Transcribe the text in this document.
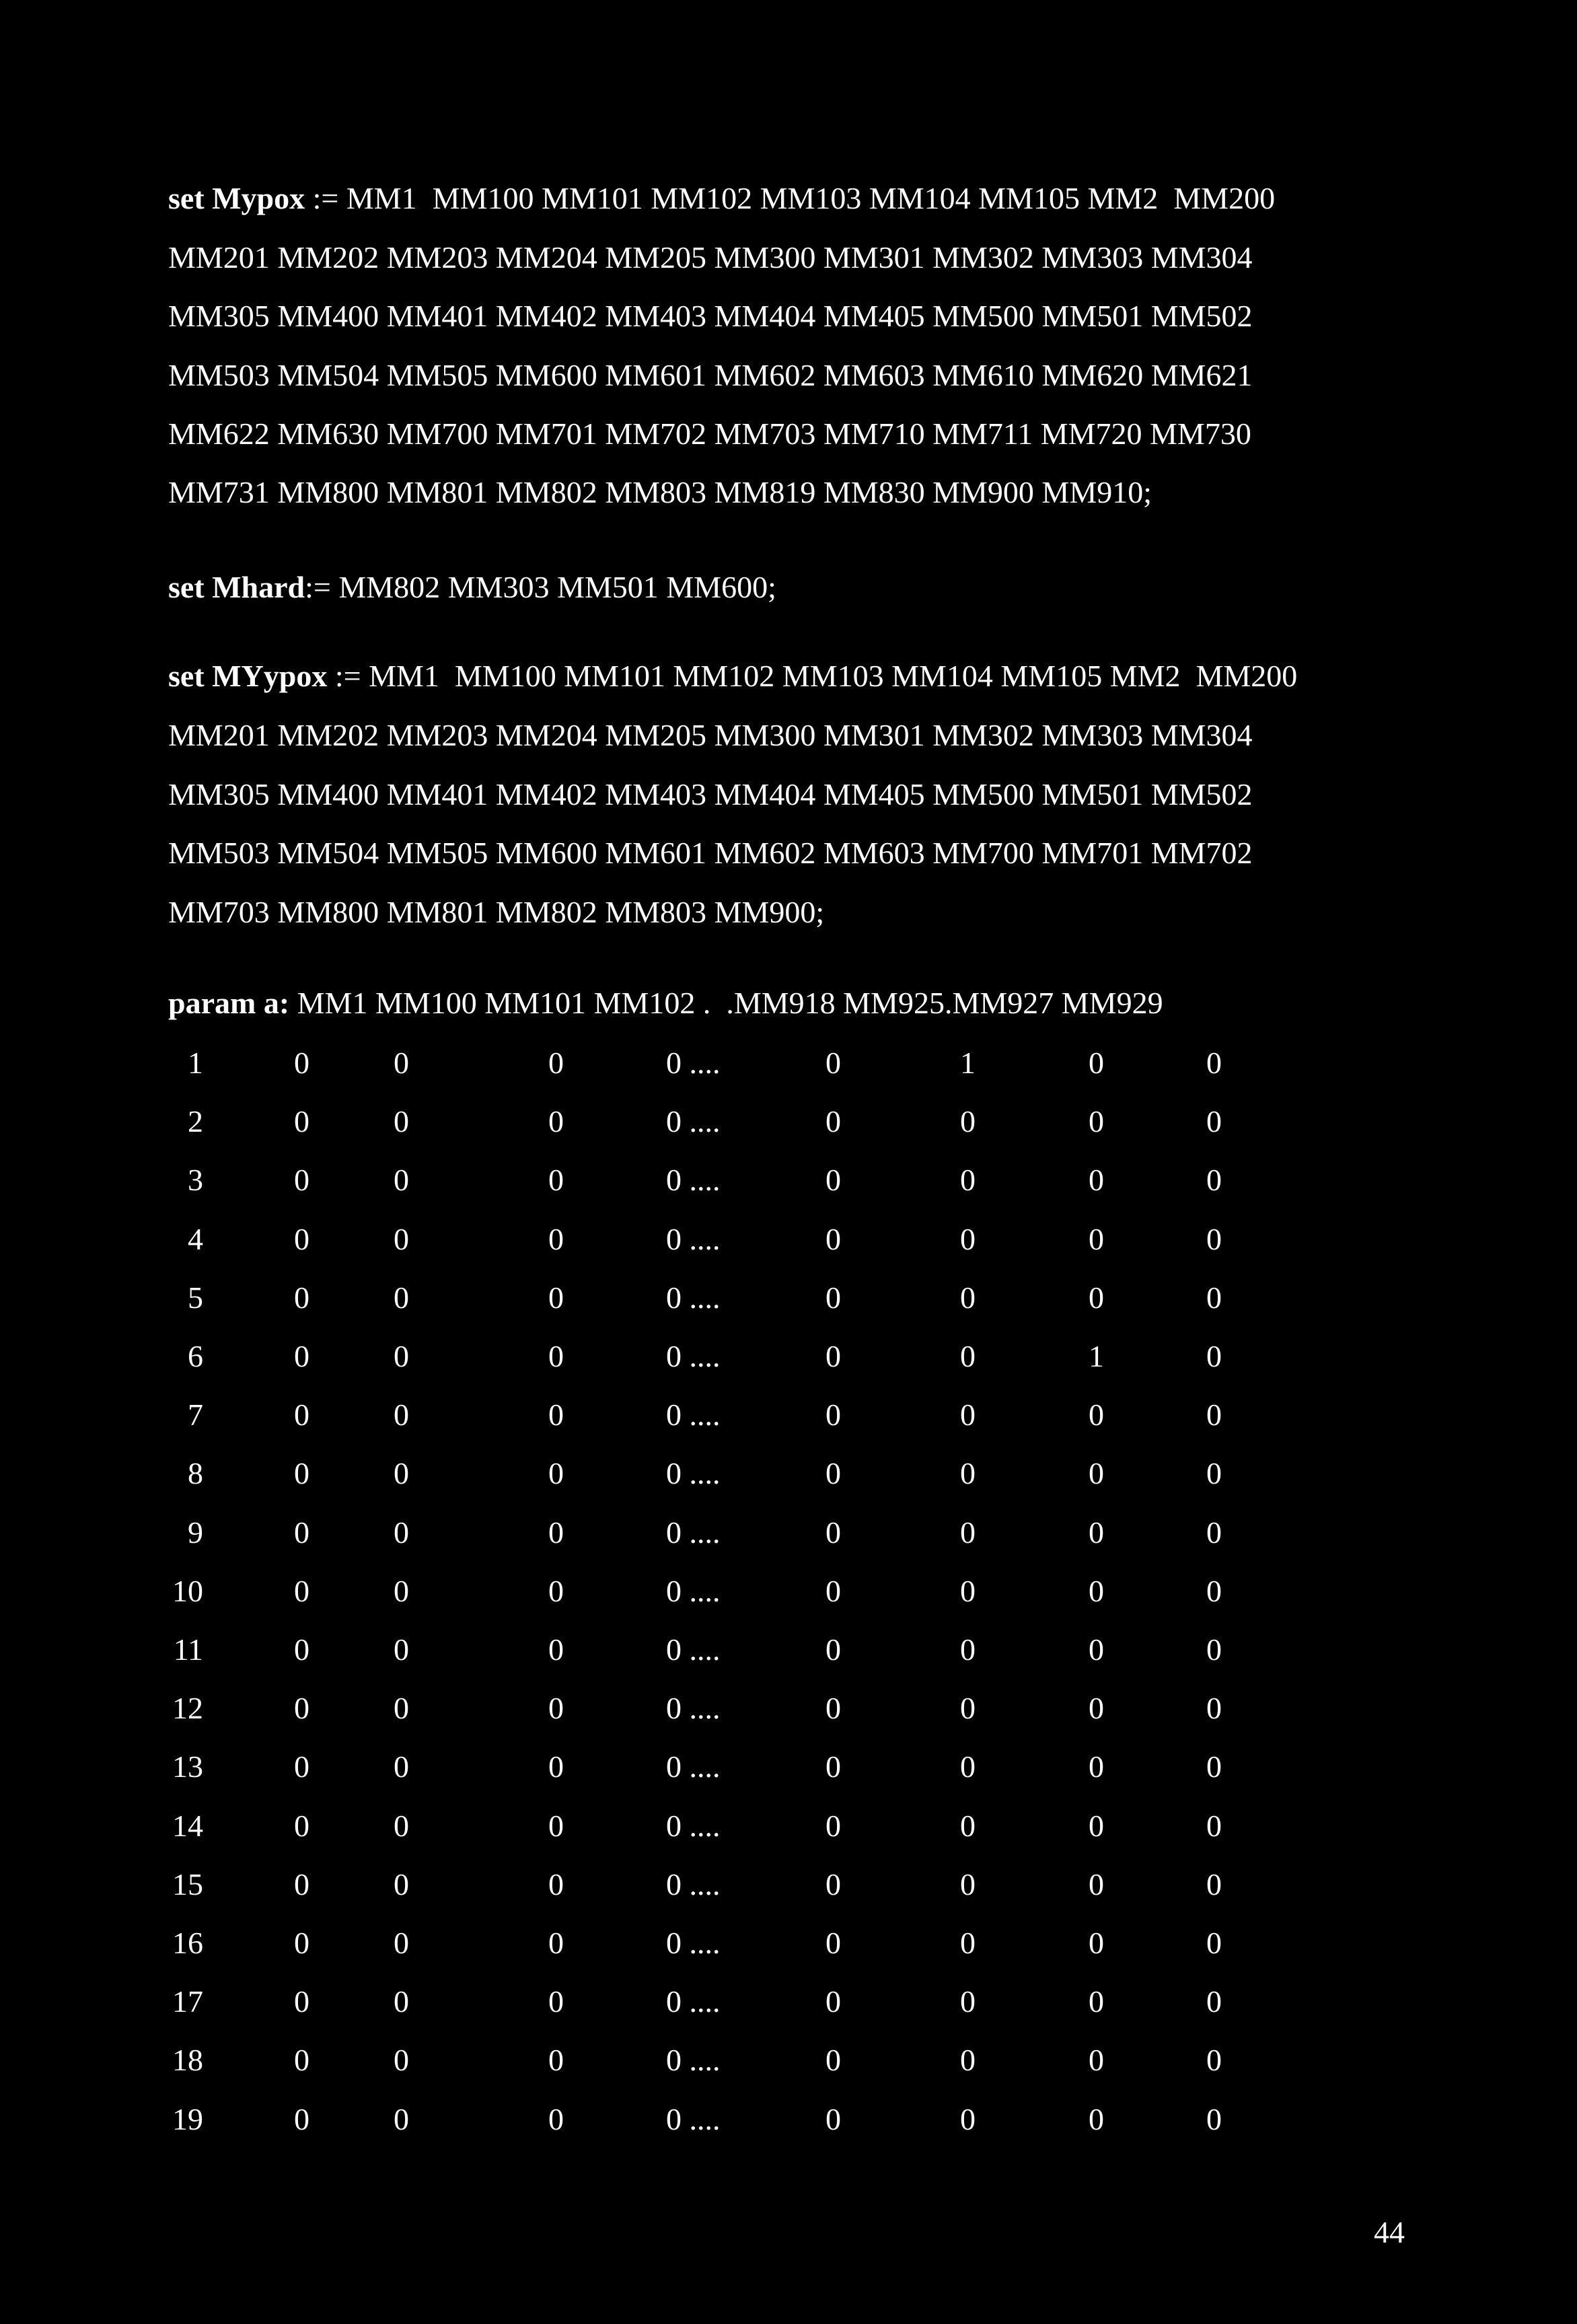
set Mypox := MM1  MM100 MM101 MM102 MM103 MM104 MM105 MM2  MM200
MM201 MM202 MM203 MM204 MM205 MM300 MM301 MM302 MM303 MM304
MM305 MM400 MM401 MM402 MM403 MM404 MM405 MM500 MM501 MM502
MM503 MM504 MM505 MM600 MM601 MM602 MM603 MM610 MM620 MM621
MM622 MM630 MM700 MM701 MM702 MM703 MM710 MM711 MM720 MM730
MM731 MM800 MM801 MM802 MM803 MM819 MM830 MM900 MM910;
set Mhard:= MM802 MM303 MM501 MM600;
set MYypox := MM1  MM100 MM101 MM102 MM103 MM104 MM105 MM2  MM200
MM201 MM202 MM203 MM204 MM205 MM300 MM301 MM302 MM303 MM304
MM305 MM400 MM401 MM402 MM403 MM404 MM405 MM500 MM501 MM502
MM503 MM504 MM505 MM600 MM601 MM602 MM603 MM700 MM701 MM702
MM703 MM800 MM801 MM802 MM803 MM900;
param a: MM1 MM100 MM101 MM102 .  .MM918 MM925.MM927 MM929
1	0	0	0	0 ....	0	1	0	0
2	0	0	0	0 ....	0	0	0	0
3	0	0	0	0 ....	0	0	0	0
4	0	0	0	0 ....	0	0	0	0
5	0	0	0	0 ....	0	0	0	0
6	0	0	0	0 ....	0	0	1	0
7	0	0	0	0 ....	0	0	0	0
8	0	0	0	0 ....	0	0	0	0
9	0	0	0	0 ....	0	0	0	0
10	0	0	0	0 ....	0	0	0	0
11	0	0	0	0 ....	0	0	0	0
12	0	0	0	0 ....	0	0	0	0
13	0	0	0	0 ....	0	0	0	0
14	0	0	0	0 ....	0	0	0	0
15	0	0	0	0 ....	0	0	0	0
16	0	0	0	0 ....	0	0	0	0
17	0	0	0	0 ....	0	0	0	0
18	0	0	0	0 ....	0	0	0	0
19	0	0	0	0 ....	0	0	0	0
44
